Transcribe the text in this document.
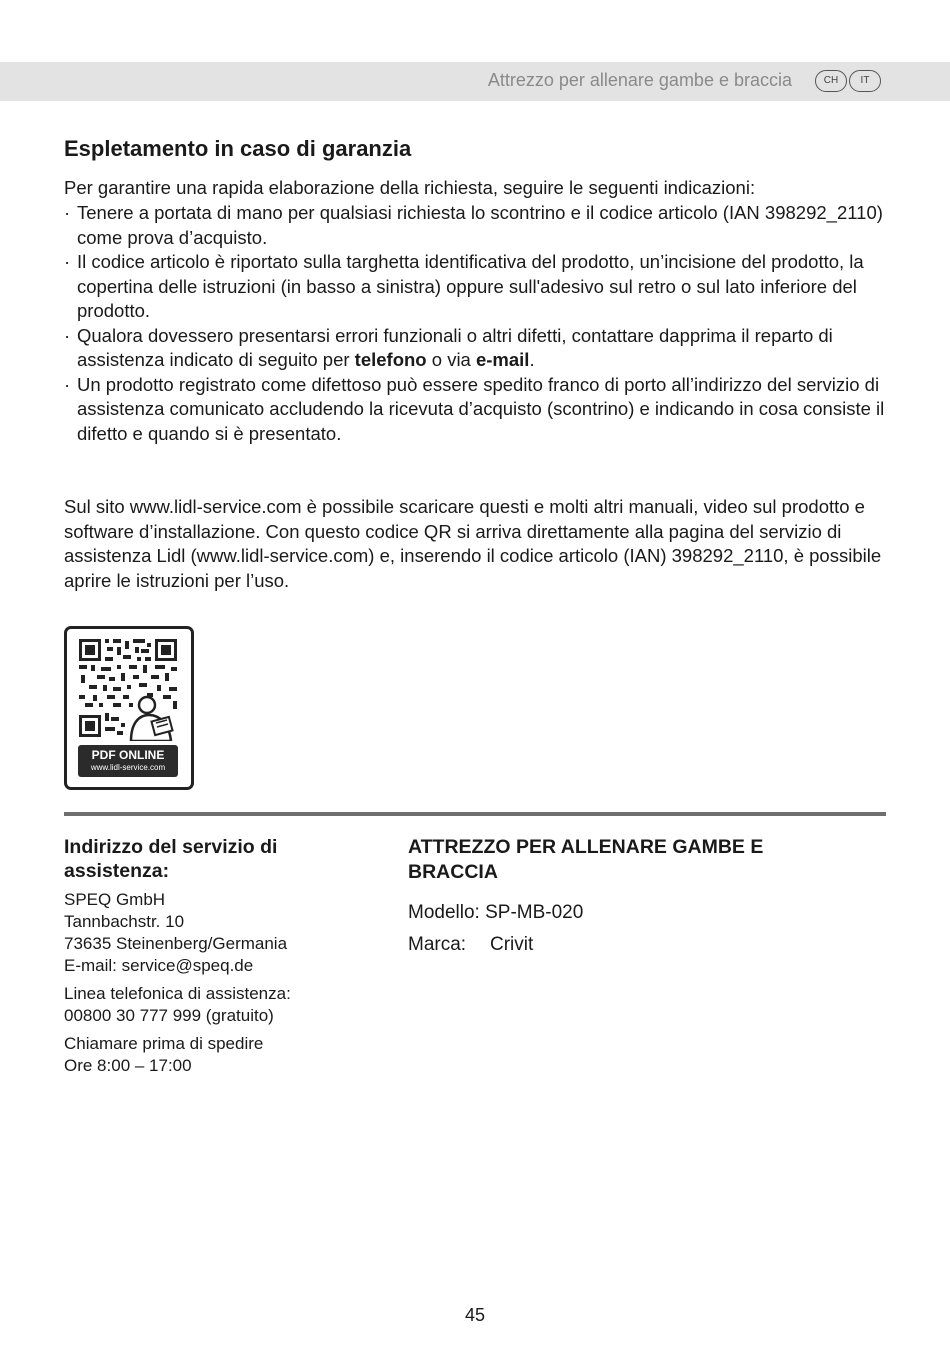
Attrezzo per allenare gambe e braccia	CH	IT
Espletamento in caso di garanzia

Per garantire una rapida elaborazione della richiesta, seguire le seguenti indicazioni:

· Tenere a portata di mano per qualsiasi richiesta lo scontrino e il codice articolo (IAN 398292_2110) come prova d’acquisto.
· Il codice articolo è riportato sulla targhetta identificativa del prodotto, un’incisione del prodotto, la copertina delle istruzioni (in basso a sinistra) oppure sull'adesivo sul retro o sul lato inferiore del prodotto.
· Qualora dovessero presentarsi errori funzionali o altri difetti, contattare dapprima il reparto di assistenza indicato di seguito per telefono o via e-mail.
· Un prodotto registrato come difettoso può essere spedito franco di porto all’indirizzo del servizio di assistenza comunicato accludendo la ricevuta d’acquisto (scontrino) e indicando in cosa consiste il difetto e quando si è presentato.

Sul sito www.lidl-service.com è possibile scaricare questi e molti altri manuali, video sul prodotto e software d’installazione. Con questo codice QR si arriva direttamente alla pagina del servizio di assistenza Lidl (www.lidl-service.com) e, inserendo il codice articolo (IAN) 398292_2110, è possibile aprire le istruzioni per l’uso.

PDF ONLINE
www.lidl-service.com
Indirizzo del servizio di assistenza:
SPEQ GmbH
Tannbachstr. 10
73635 Steinenberg/Germania
E-mail: service@speq.de
Linea telefonica di assistenza:
00800 30 777 999 (gratuito)
Chiamare prima di spedire
Ore 8:00 – 17:00
ATTREZZO PER ALLENARE GAMBE E BRACCIA
Modello: SP-MB-020
Marca: Crivit
45
